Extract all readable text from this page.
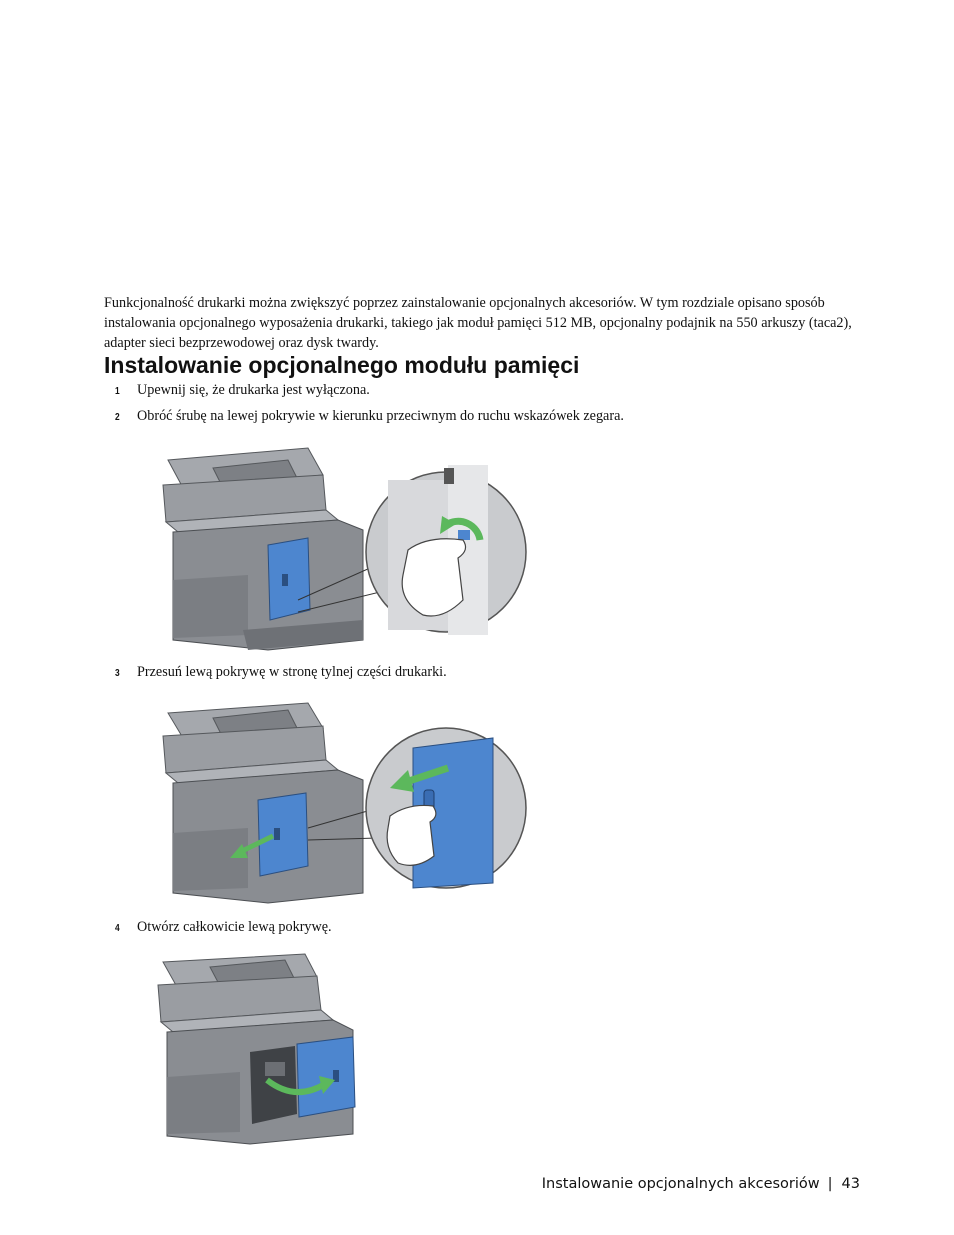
Funkcjonalność drukarki można zwiększyć poprzez zainstalowanie opcjonalnych akcesoriów. W tym rozdziale opisano sposób instalowania opcjonalnego wyposażenia drukarki, takiego jak moduł pamięci 512 MB, opcjonalny podajnik na 550 arkuszy (taca2), adapter sieci bezprzewodowej oraz dysk twardy.

Instalowanie opcjonalnego modułu pamięci
1	Upewnij się, że drukarka jest wyłączona.
2	Obróć śrubę na lewej pokrywie w kierunku przeciwnym do ruchu wskazówek zegara.
3	Przesuń lewą pokrywę w stronę tylnej części drukarki.
4	Otwórz całkowicie lewą pokrywę.
Instalowanie opcjonalnych akcesoriów | 43
